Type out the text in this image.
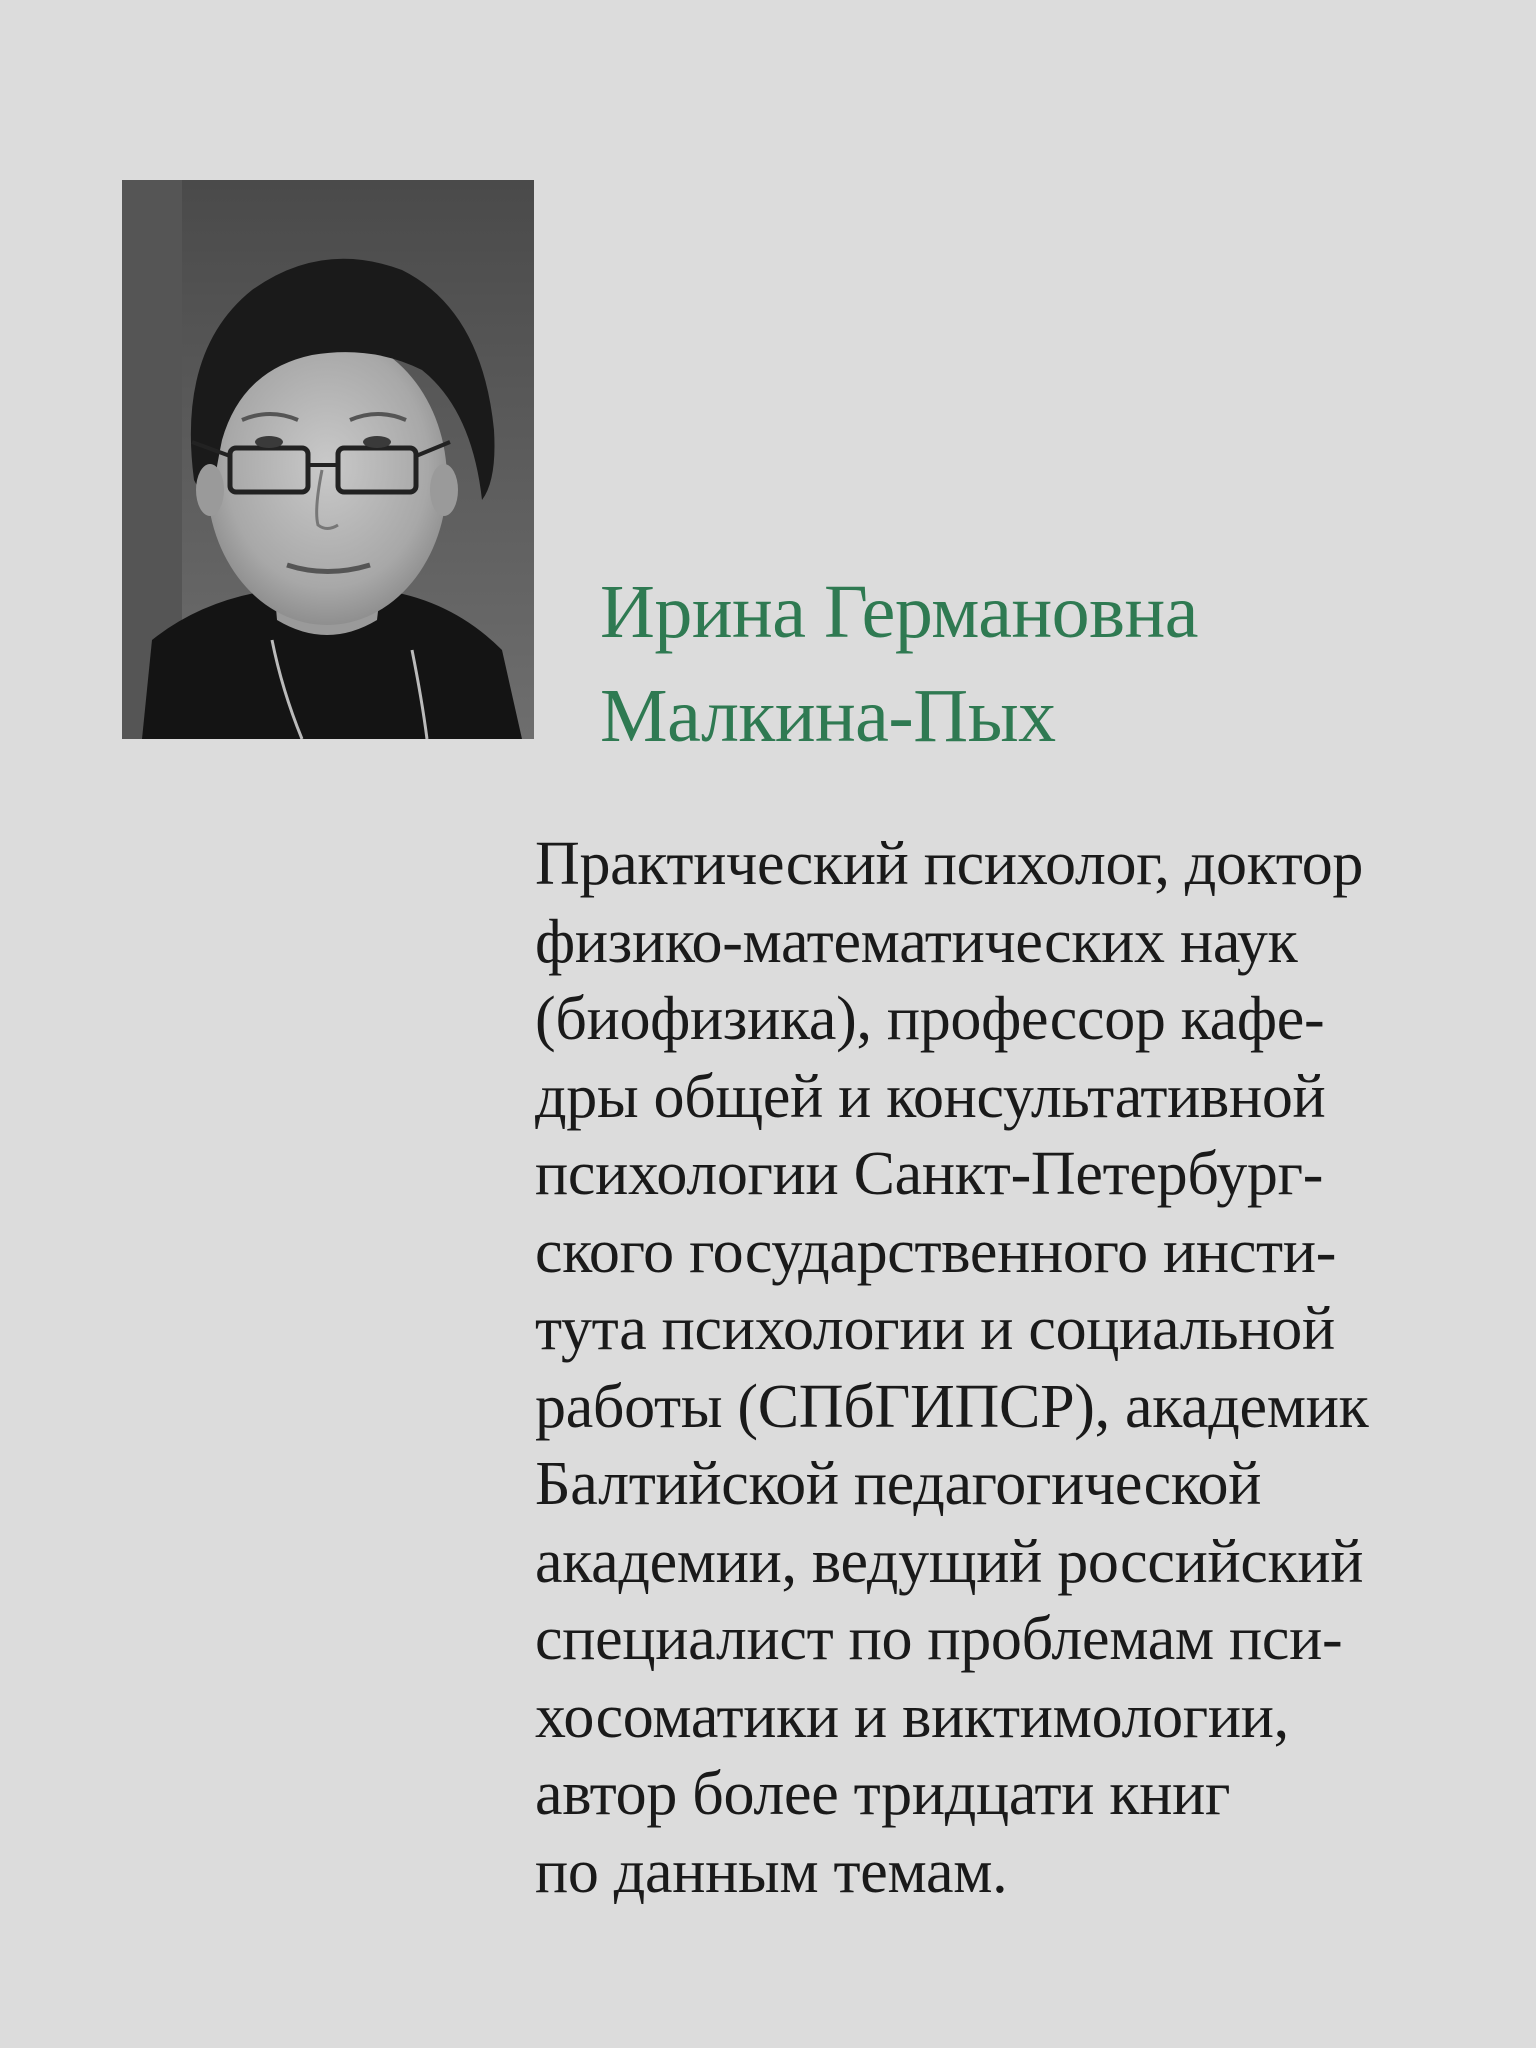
Ирина Германовна
Малкина-Пых
Практический психолог, доктор
физико-математических наук
(биофизика), профессор кафе-
дры общей и консультативной
психологии Санкт-Петербург-
ского государственного инсти-
тута психологии и социальной
работы (СПбГИПСР), академик
Балтийской педагогической
академии, ведущий российский
специалист по проблемам пси-
хосоматики и виктимологии,
автор более тридцати книг
по данным темам.
